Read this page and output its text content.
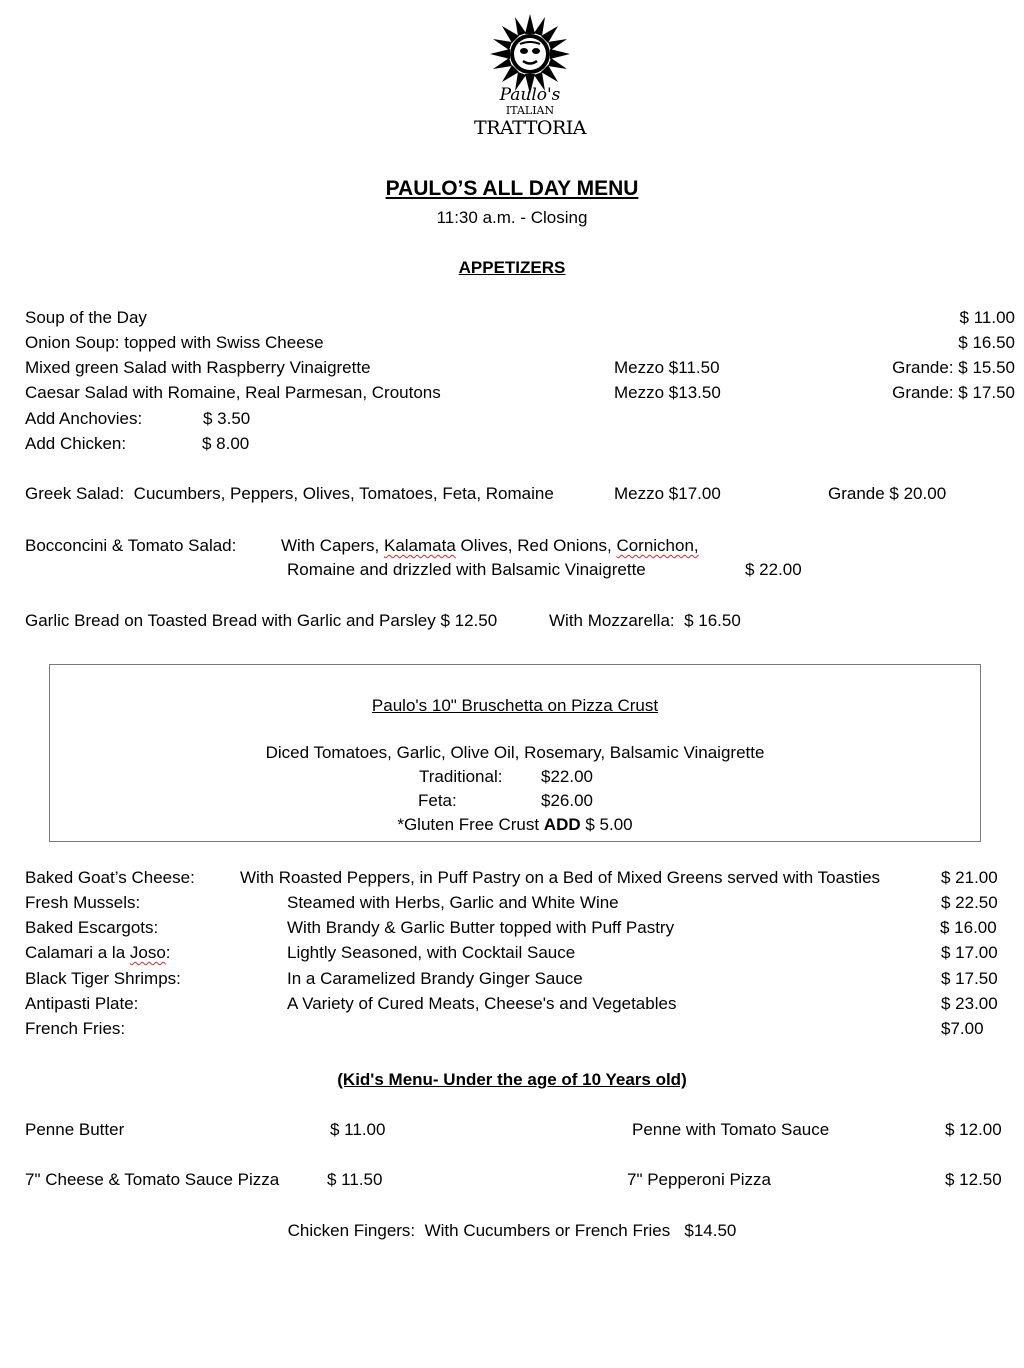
Paulo's
ITALIAN
TRATTORIA
PAULO’S ALL DAY MENU
11:30 a.m. - Closing
APPETIZERS
Soup of the Day	$ 11.00
Onion Soup: topped with Swiss Cheese	$ 16.50
Mixed green Salad with Raspberry Vinaigrette	Mezzo $11.50	Grande: $ 15.50
Caesar Salad with Romaine, Real Parmesan, Croutons	Mezzo $13.50	Grande: $ 17.50
Add Anchovies:	$ 3.50
Add Chicken:	$ 8.00
Greek Salad:  Cucumbers, Peppers, Olives, Tomatoes, Feta, Romaine	Mezzo $17.00	Grande $ 20.00
Bocconcini & Tomato Salad:	With Capers, Kalamata Olives, Red Onions, Cornichon,
Romaine and drizzled with Balsamic Vinaigrette	$ 22.00
Garlic Bread on Toasted Bread with Garlic and Parsley $ 12.50	With Mozzarella:  $ 16.50
Paulo's 10" Bruschetta on Pizza Crust
Diced Tomatoes, Garlic, Olive Oil, Rosemary, Balsamic Vinaigrette
Traditional: $22.00
Feta:	$26.00
*Gluten Free Crust ADD $ 5.00
Baked Goat’s Cheese:	With Roasted Peppers, in Puff Pastry on a Bed of Mixed Greens served with Toasties	$ 21.00
Fresh Mussels:	Steamed with Herbs, Garlic and White Wine	$ 22.50
Baked Escargots:	With Brandy & Garlic Butter topped with Puff Pastry	$ 16.00
Calamari a la Joso:	Lightly Seasoned, with Cocktail Sauce	$ 17.00
Black Tiger Shrimps:	In a Caramelized Brandy Ginger Sauce	$ 17.50
Antipasti Plate:	A Variety of Cured Meats, Cheese's and Vegetables	$ 23.00
French Fries:	$7.00
(Kid's Menu- Under the age of 10 Years old)
Penne Butter	$ 11.00	Penne with Tomato Sauce	$ 12.00
7" Cheese & Tomato Sauce Pizza	$ 11.50	7" Pepperoni Pizza	$ 12.50
Chicken Fingers:  With Cucumbers or French Fries   $14.50
